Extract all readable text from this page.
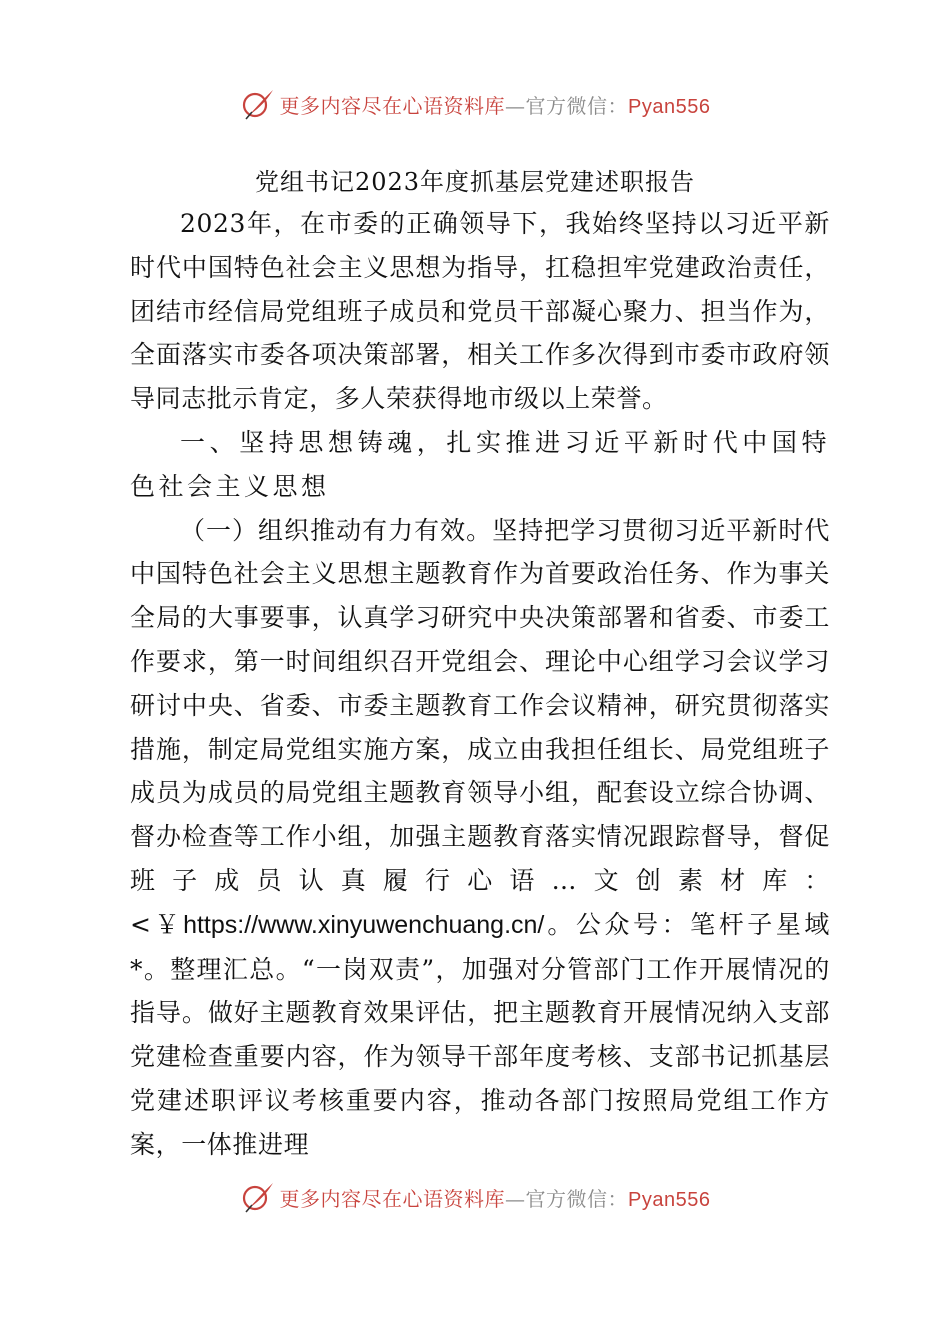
更多内容尽在心语资料库—官方微信：Pyan556
党组书记2023年度抓基层党建述职报告

2023年，在市委的正确领导下，我始终坚持以习近平新时代中国特色社会主义思想为指导，扛稳担牢党建政治责任，团结市经信局党组班子成员和党员干部凝心聚力、担当作为，全面落实市委各项决策部署，相关工作多次得到市委市政府领导同志批示肯定，多人荣获得地市级以上荣誉。

一、坚持思想铸魂，扎实推进习近平新时代中国特色社会主义思想

（一）组织推动有力有效。坚持把学习贯彻习近平新时代中国特色社会主义思想主题教育作为首要政治任务、作为事关全局的大事要事，认真学习研究中央决策部署和省委、市委工作要求，第一时间组织召开党组会、理论中心组学习会议学习研讨中央、省委、市委主题教育工作会议精神，研究贯彻落实措施，制定局党组实施方案，成立由我担任组长、局党组班子成员为成员的局党组主题教育领导小组，配套设立综合协调、督办检查等工作小组，加强主题教育落实情况跟踪督导，督促班子成员认真履行心语…文创素材库：<￥https://www.xinyuwenchuang.cn/。公众号：笔杆子星域*。整理汇总。“一岗双责”，加强对分管部门工作开展情况的指导。做好主题教育效果评估，把主题教育开展情况纳入支部党建检查重要内容，作为领导干部年度考核、支部书记抓基层党建述职评议考核重要内容，推动各部门按照局党组工作方案，一体推进理

更多内容尽在心语资料库—官方微信：Pyan556
